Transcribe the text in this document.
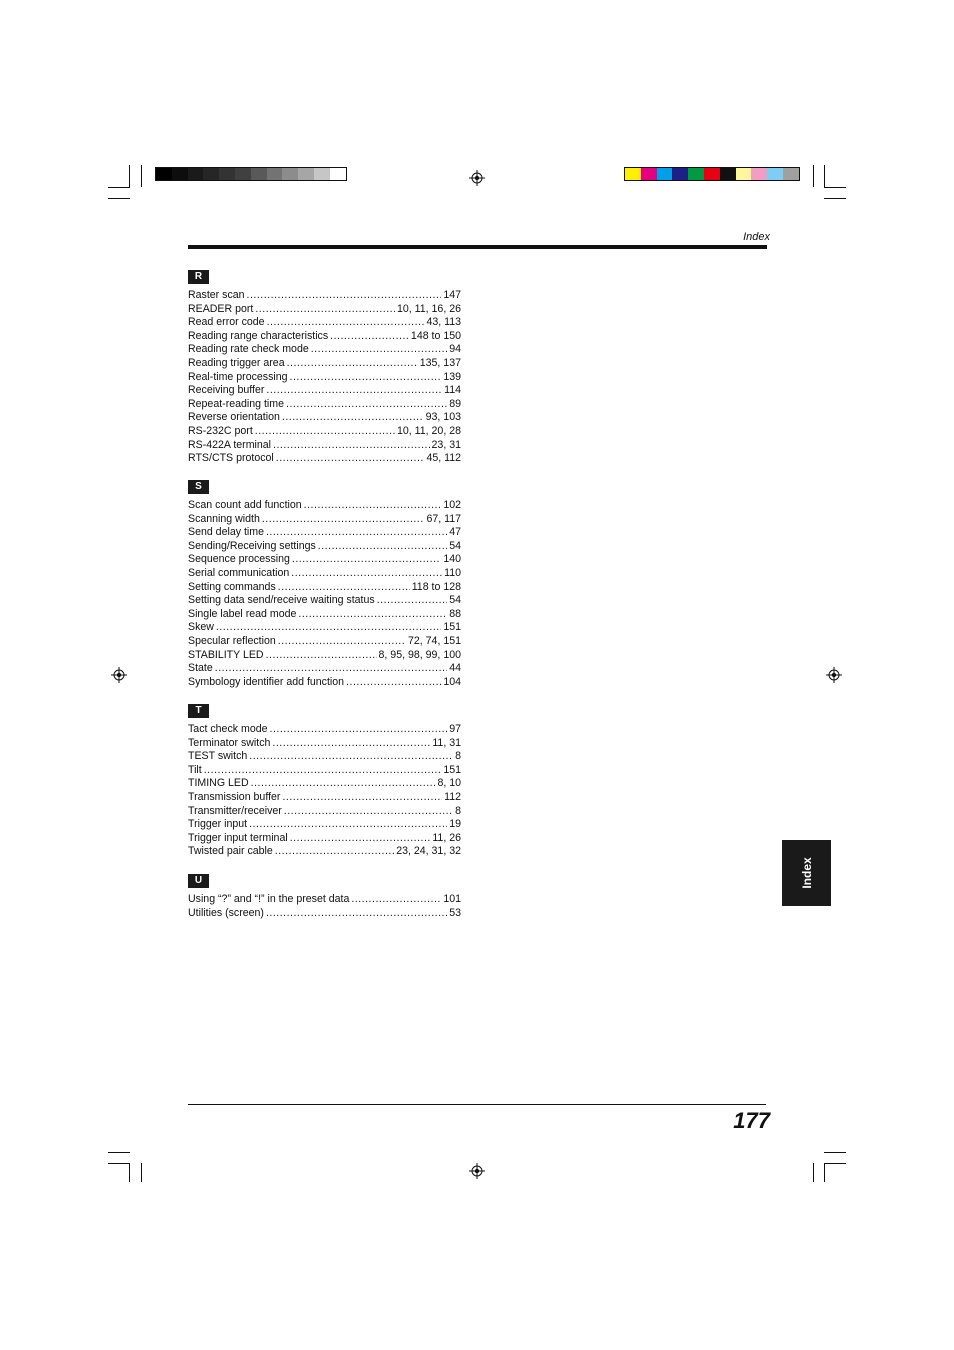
Index
R
Raster scan .....	147
READER port .....	10, 11, 16, 26
Read error code .....	43, 113
Reading range characteristics .....	148 to 150
Reading rate check mode .....	94
Reading trigger area .....	135, 137
Real-time processing .....	139
Receiving buffer .....	114
Repeat-reading time .....	89
Reverse orientation .....	93, 103
RS-232C port .....	10, 11, 20, 28
RS-422A terminal .....	23, 31
RTS/CTS protocol .....	45, 112
S
Scan count add function .....	102
Scanning width .....	67, 117
Send delay time .....	47
Sending/Receiving settings .....	54
Sequence processing .....	140
Serial communication .....	110
Setting commands .....	118 to 128
Setting data send/receive waiting status .....	54
Single label read mode .....	88
Skew .....	151
Specular reflection .....	72, 74, 151
STABILITY LED .....	8, 95, 98, 99, 100
State .....	44
Symbology identifier add function .....	104
T
Tact check mode .....	97
Terminator switch .....	11, 31
TEST switch .....	8
Tilt .....	151
TIMING LED .....	8, 10
Transmission buffer .....	112
Transmitter/receiver .....	8
Trigger input .....	19
Trigger input terminal .....	11, 26
Twisted pair cable .....	23, 24, 31, 32
U
Using “?” and “!” in the preset data .....	101
Utilities (screen) .....	53
Index
177
